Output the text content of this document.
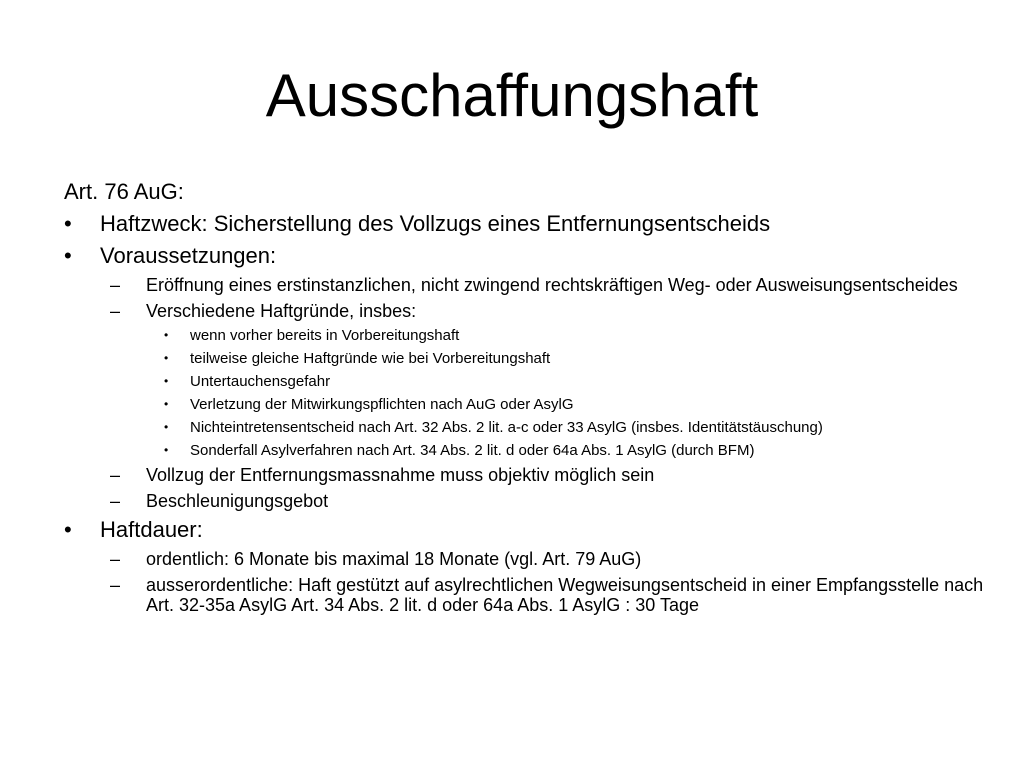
Ausschaffungshaft
Art. 76 AuG:
•	Haftzweck: Sicherstellung des Vollzugs eines Entfernungsentscheids
•	Voraussetzungen:
–	Eröffnung eines erstinstanzlichen, nicht zwingend rechtskräftigen Weg- oder Ausweisungsentscheides
–	Verschiedene Haftgründe, insbes:
•	wenn vorher bereits in Vorbereitungshaft
•	teilweise gleiche Haftgründe wie bei Vorbereitungshaft
•	Untertauchensgefahr
•	Verletzung der Mitwirkungspflichten nach AuG oder AsylG
•	Nichteintretensentscheid nach Art. 32 Abs. 2 lit. a-c oder 33 AsylG (insbes. Identitätstäuschung)
•	Sonderfall Asylverfahren nach Art. 34 Abs. 2 lit. d oder 64a Abs. 1 AsylG (durch BFM)
–	Vollzug der Entfernungsmassnahme muss objektiv möglich sein
–	Beschleunigungsgebot
•	Haftdauer:
–	ordentlich: 6 Monate bis maximal 18 Monate (vgl. Art. 79 AuG)
–	ausserordentliche: Haft gestützt auf asylrechtlichen Wegweisungsentscheid in einer Empfangsstelle nach Art. 32-35a AsylG Art. 34 Abs. 2 lit. d oder 64a Abs. 1 AsylG : 30 Tage
